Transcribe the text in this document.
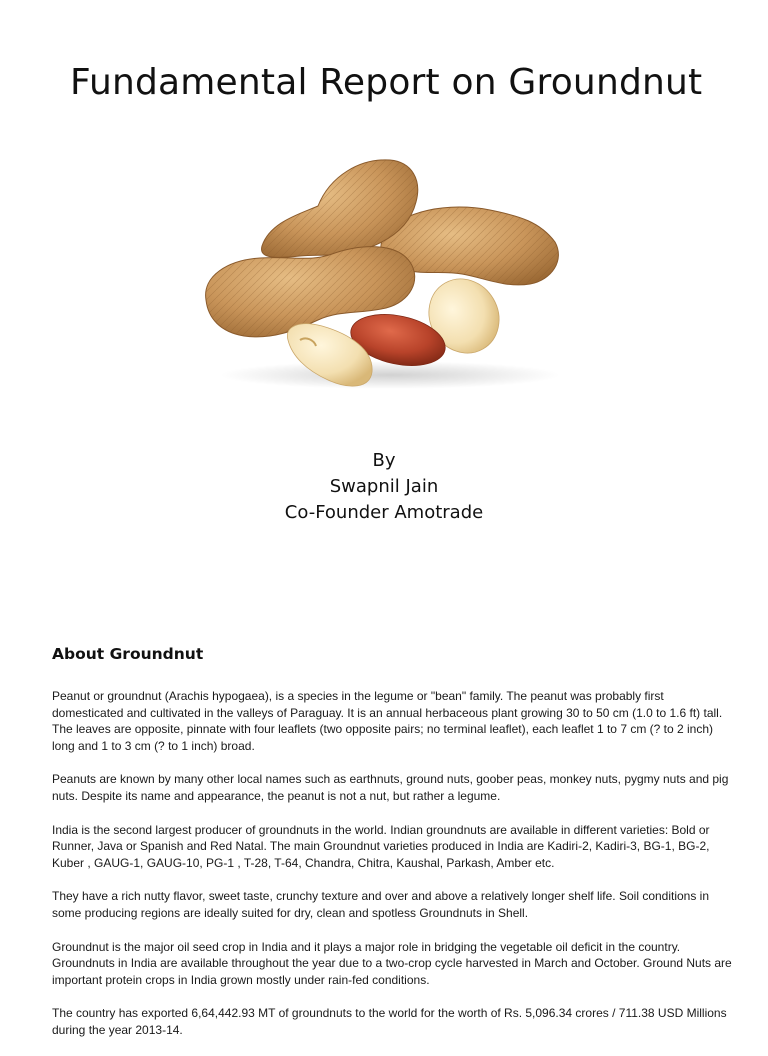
Fundamental Report on Groundnut
By
Swapnil Jain
Co-Founder Amotrade
About Groundnut

Peanut or groundnut (Arachis hypogaea), is a species in the legume or "bean" family. The peanut was probably first domesticated and cultivated in the valleys of Paraguay. It is an annual herbaceous plant growing 30 to 50 cm (1.0 to 1.6 ft) tall. The leaves are opposite, pinnate with four leaflets (two opposite pairs; no terminal leaflet), each leaflet 1 to 7 cm (? to 2 inch) long and 1 to 3 cm (? to 1 inch) broad.

Peanuts are known by many other local names such as earthnuts, ground nuts, goober peas, monkey nuts, pygmy nuts and pig nuts. Despite its name and appearance, the peanut is not a nut, but rather a legume.

India is the second largest producer of groundnuts in the world. Indian groundnuts are available in different varieties: Bold or Runner, Java or Spanish and Red Natal. The main Groundnut varieties produced in India are Kadiri-2, Kadiri-3, BG-1, BG-2, Kuber , GAUG-1, GAUG-10, PG-1 , T-28, T-64, Chandra, Chitra, Kaushal, Parkash, Amber etc.

They have a rich nutty flavor, sweet taste, crunchy texture and over and above a relatively longer shelf life. Soil conditions in some producing regions are ideally suited for dry, clean and spotless Groundnuts in Shell.

Groundnut is the major oil seed crop in India and it plays a major role in bridging the vegetable oil deficit in the country. Groundnuts in India are available throughout the year due to a two-crop cycle harvested in March and October. Ground Nuts are important protein crops in India grown mostly under rain-fed conditions.

The country has exported 6,64,442.93 MT of groundnuts to the world for the worth of Rs. 5,096.34 crores / 711.38 USD Millions during the year 2013-14.
